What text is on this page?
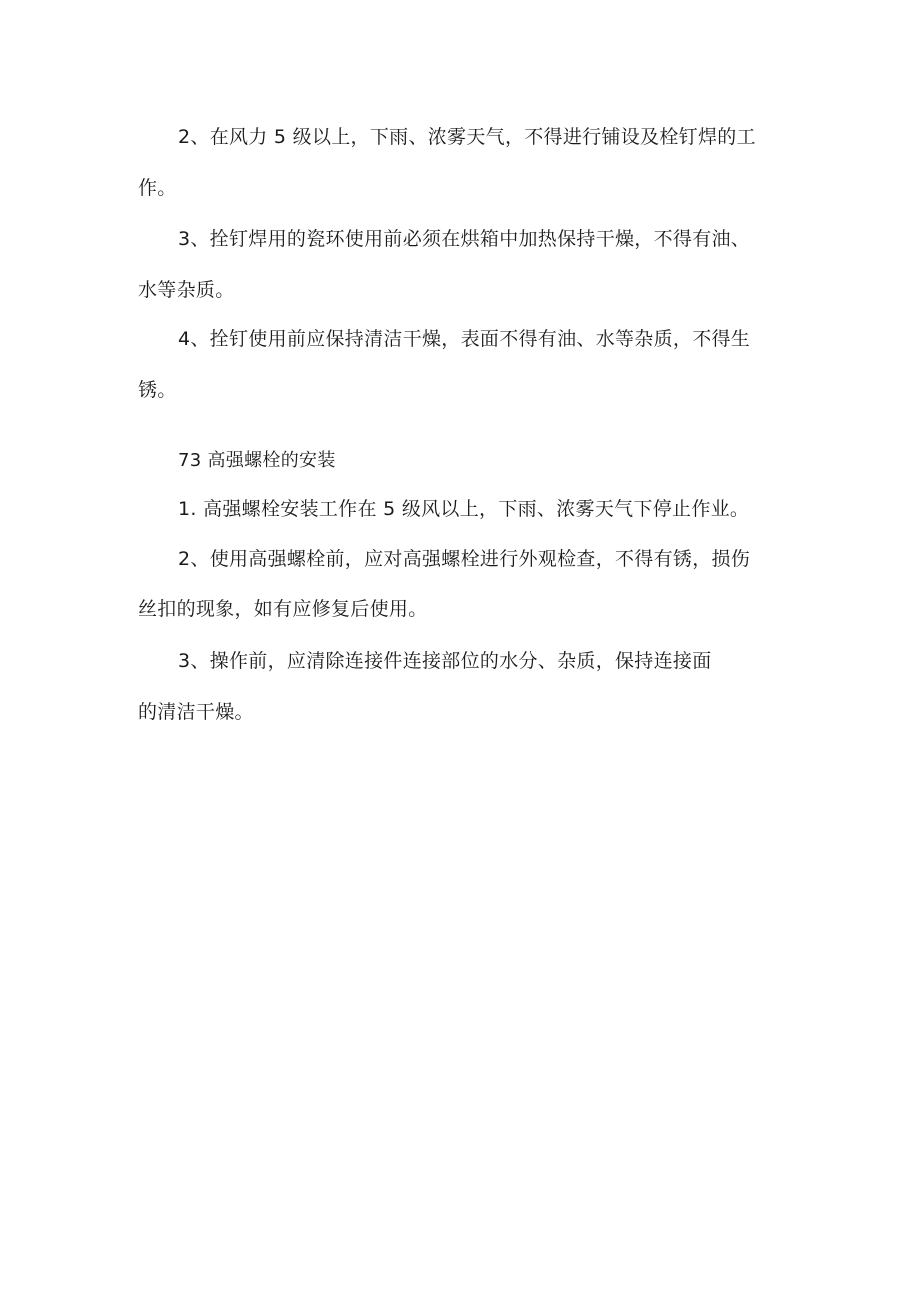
2、在风力 5 级以上，下雨、浓雾天气，不得进行铺设及栓钉焊的工

作。

3、拴钉焊用的瓷环使用前必须在烘箱中加热保持干燥，不得有油、

水等杂质。

4、拴钉使用前应保持清洁干燥，表面不得有油、水等杂质，不得生

锈。

73 高强螺栓的安装

1. 高强螺栓安装工作在 5 级风以上，下雨、浓雾天气下停止作业。

2、使用高强螺栓前，应对高强螺栓进行外观检查，不得有锈，损伤

丝扣的现象，如有应修复后使用。

3、操作前，应清除连接件连接部位的水分、杂质，保持连接面

的清洁干燥。
